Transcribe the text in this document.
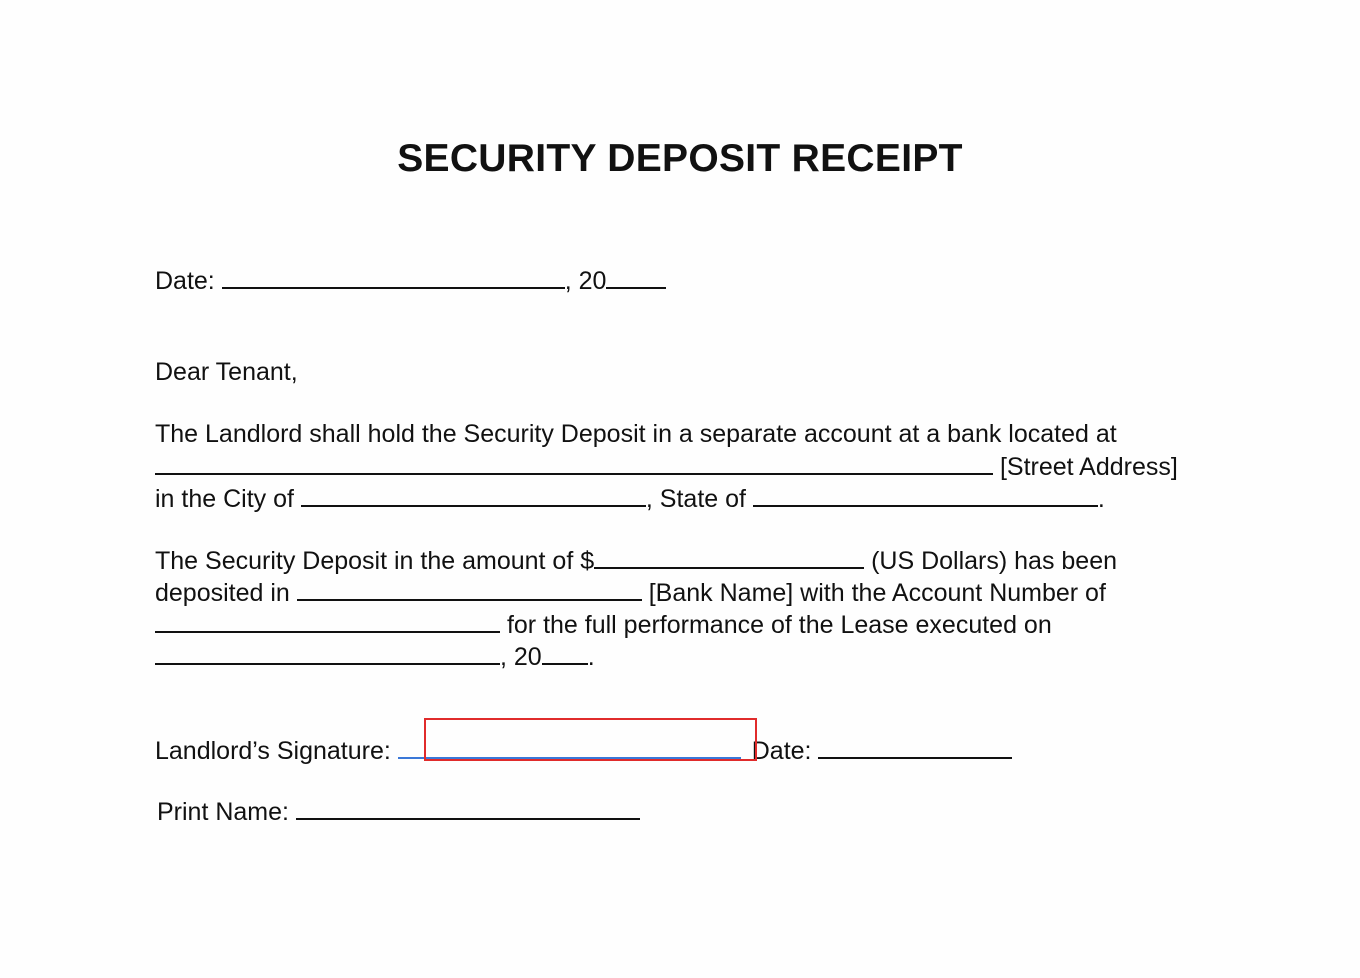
SECURITY DEPOSIT RECEIPT
Date:	, 20
Dear Tenant,
The Landlord shall hold the Security Deposit in a separate account at a bank located at
[Street Address]
in the City of	, State of	.
The Security Deposit in the amount of $	(US Dollars) has been
deposited in	[Bank Name] with the Account Number of
for the full performance of the Lease executed on
, 20 .
Landlord’s Signature:	Date:
Print Name:
